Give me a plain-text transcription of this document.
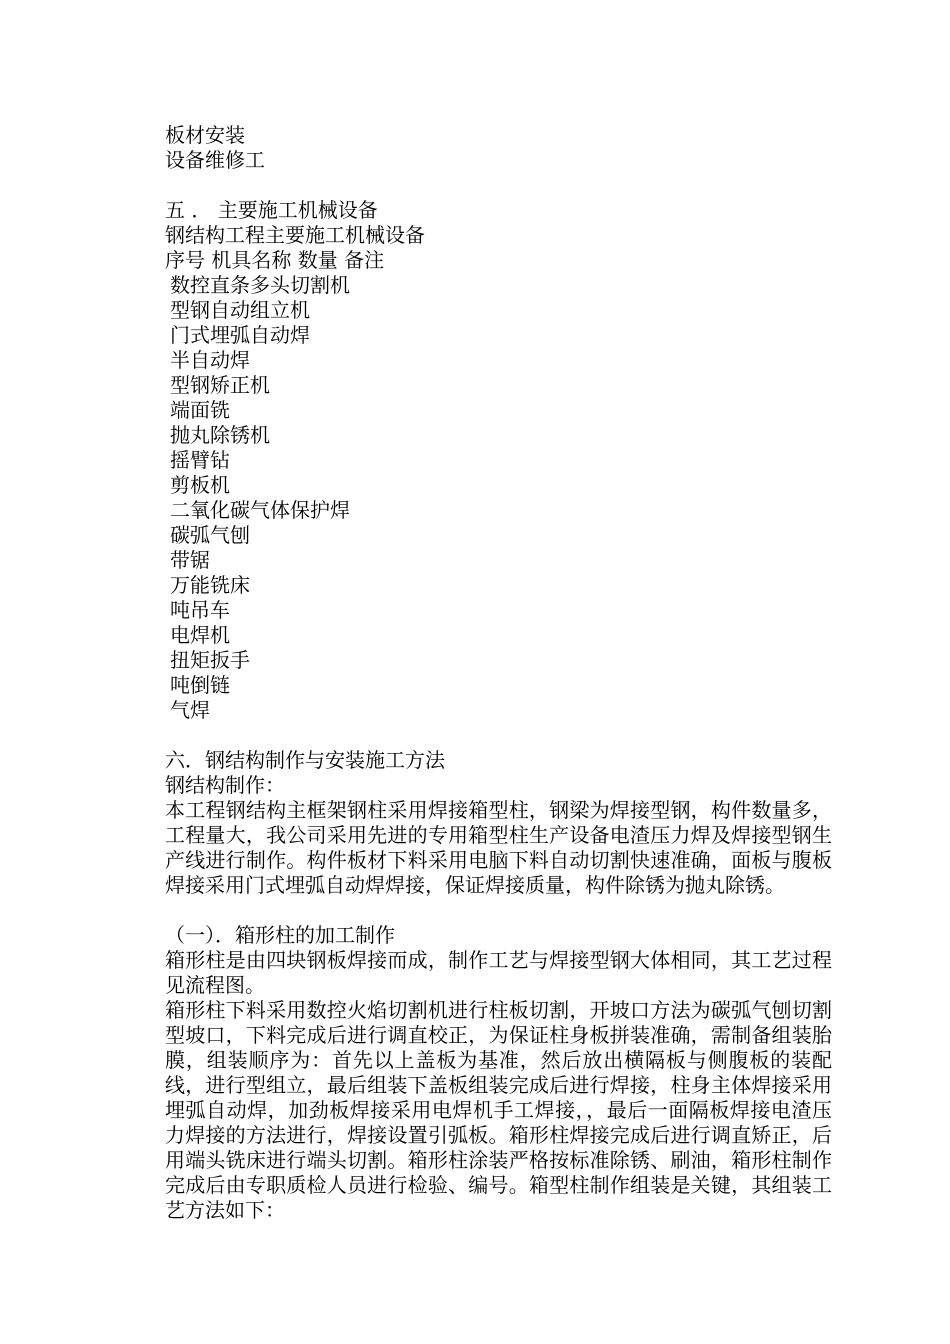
板材安装
设备维修工
五 ． 主要施工机械设备
钢结构工程主要施工机械设备
序号 机具名称 数量 备注
数控直条多头切割机
型钢自动组立机
门式埋弧自动焊
半自动焊
型钢矫正机
端面铣
抛丸除锈机
摇臂钻
剪板机
二氧化碳气体保护焊
碳弧气刨
带锯
万能铣床
吨吊车
电焊机
扭矩扳手
吨倒链
气焊
六．钢结构制作与安装施工方法
钢结构制作：
本工程钢结构主框架钢柱采用焊接箱型柱，钢梁为焊接型钢，构件数量多，工程量大，我公司采用先进的专用箱型柱生产设备电渣压力焊及焊接型钢生产线进行制作。构件板材下料采用电脑下料自动切割快速准确，面板与腹板焊接采用门式埋弧自动焊焊接，保证焊接质量，构件除锈为抛丸除锈。
（一）．箱形柱的加工制作
箱形柱是由四块钢板焊接而成，制作工艺与焊接型钢大体相同，其工艺过程见流程图。
箱形柱下料采用数控火焰切割机进行柱板切割，开坡口方法为碳弧气刨切割型坡口，下料完成后进行调直校正，为保证柱身板拼装准确，需制备组装胎膜，组装顺序为：首先以上盖板为基准，然后放出横隔板与侧腹板的装配线，进行型组立，最后组装下盖板组装完成后进行焊接，柱身主体焊接采用埋弧自动焊，加劲板焊接采用电焊机手工焊接，，最后一面隔板焊接电渣压力焊接的方法进行，焊接设置引弧板。箱形柱焊接完成后进行调直矫正，后用端头铣床进行端头切割。箱形柱涂装严格按标准除锈、刷油，箱形柱制作完成后由专职质检人员进行检验、编号。箱型柱制作组装是关键，其组装工艺方法如下：
